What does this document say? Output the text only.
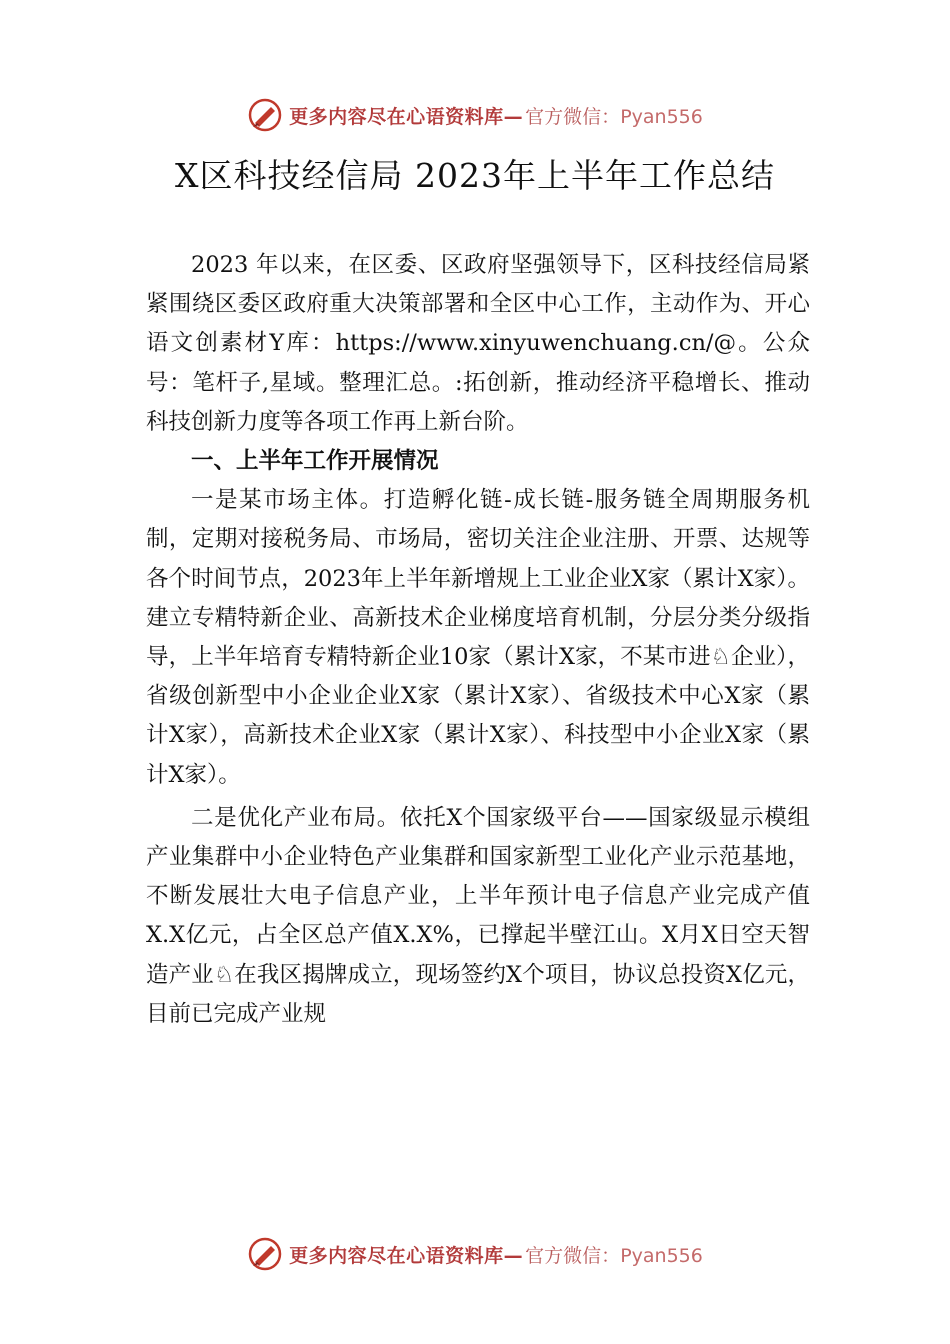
更多内容尽在心语资料库— 官方微信：Pyan556
X区科技经信局 2023年上半年工作总结

2023 年以来，在区委、区政府坚强领导下，区科技经信局紧紧围绕区委区政府重大决策部署和全区中心工作，主动作为、开心语文创素材Y库：https://www.xinyuwenchuang.cn/@。公众号：笔杆子,星域。整理汇总。:拓创新，推动经济平稳增长、推动科技创新力度等各项工作再上新台阶。

一、上半年工作开展情况

一是某市场主体。打造孵化链-成长链-服务链全周期服务机制，定期对接税务局、市场局，密切关注企业注册、开票、达规等各个时间节点，2023年上半年新增规上工业企业X家（累计X家）。建立专精特新企业、高新技术企业梯度培育机制，分层分类分级指导，上半年培育专精特新企业10家（累计X家，不某市进♘企业），省级创新型中小企业企业X家（累计X家）、省级技术中心X家（累计X家），高新技术企业X家（累计X家）、科技型中小企业X家（累计X家）。

二是优化产业布局。依托X个国家级平台——国家级显示模组产业集群中小企业特色产业集群和国家新型工业化产业示范基地，不断发展壮大电子信息产业，上半年预计电子信息产业完成产值X.X亿元，占全区总产值X.X%，已撑起半壁江山。X月X日空天智造产业♘在我区揭牌成立，现场签约X个项目，协议总投资X亿元，目前已完成产业规

更多内容尽在心语资料库— 官方微信：Pyan556
